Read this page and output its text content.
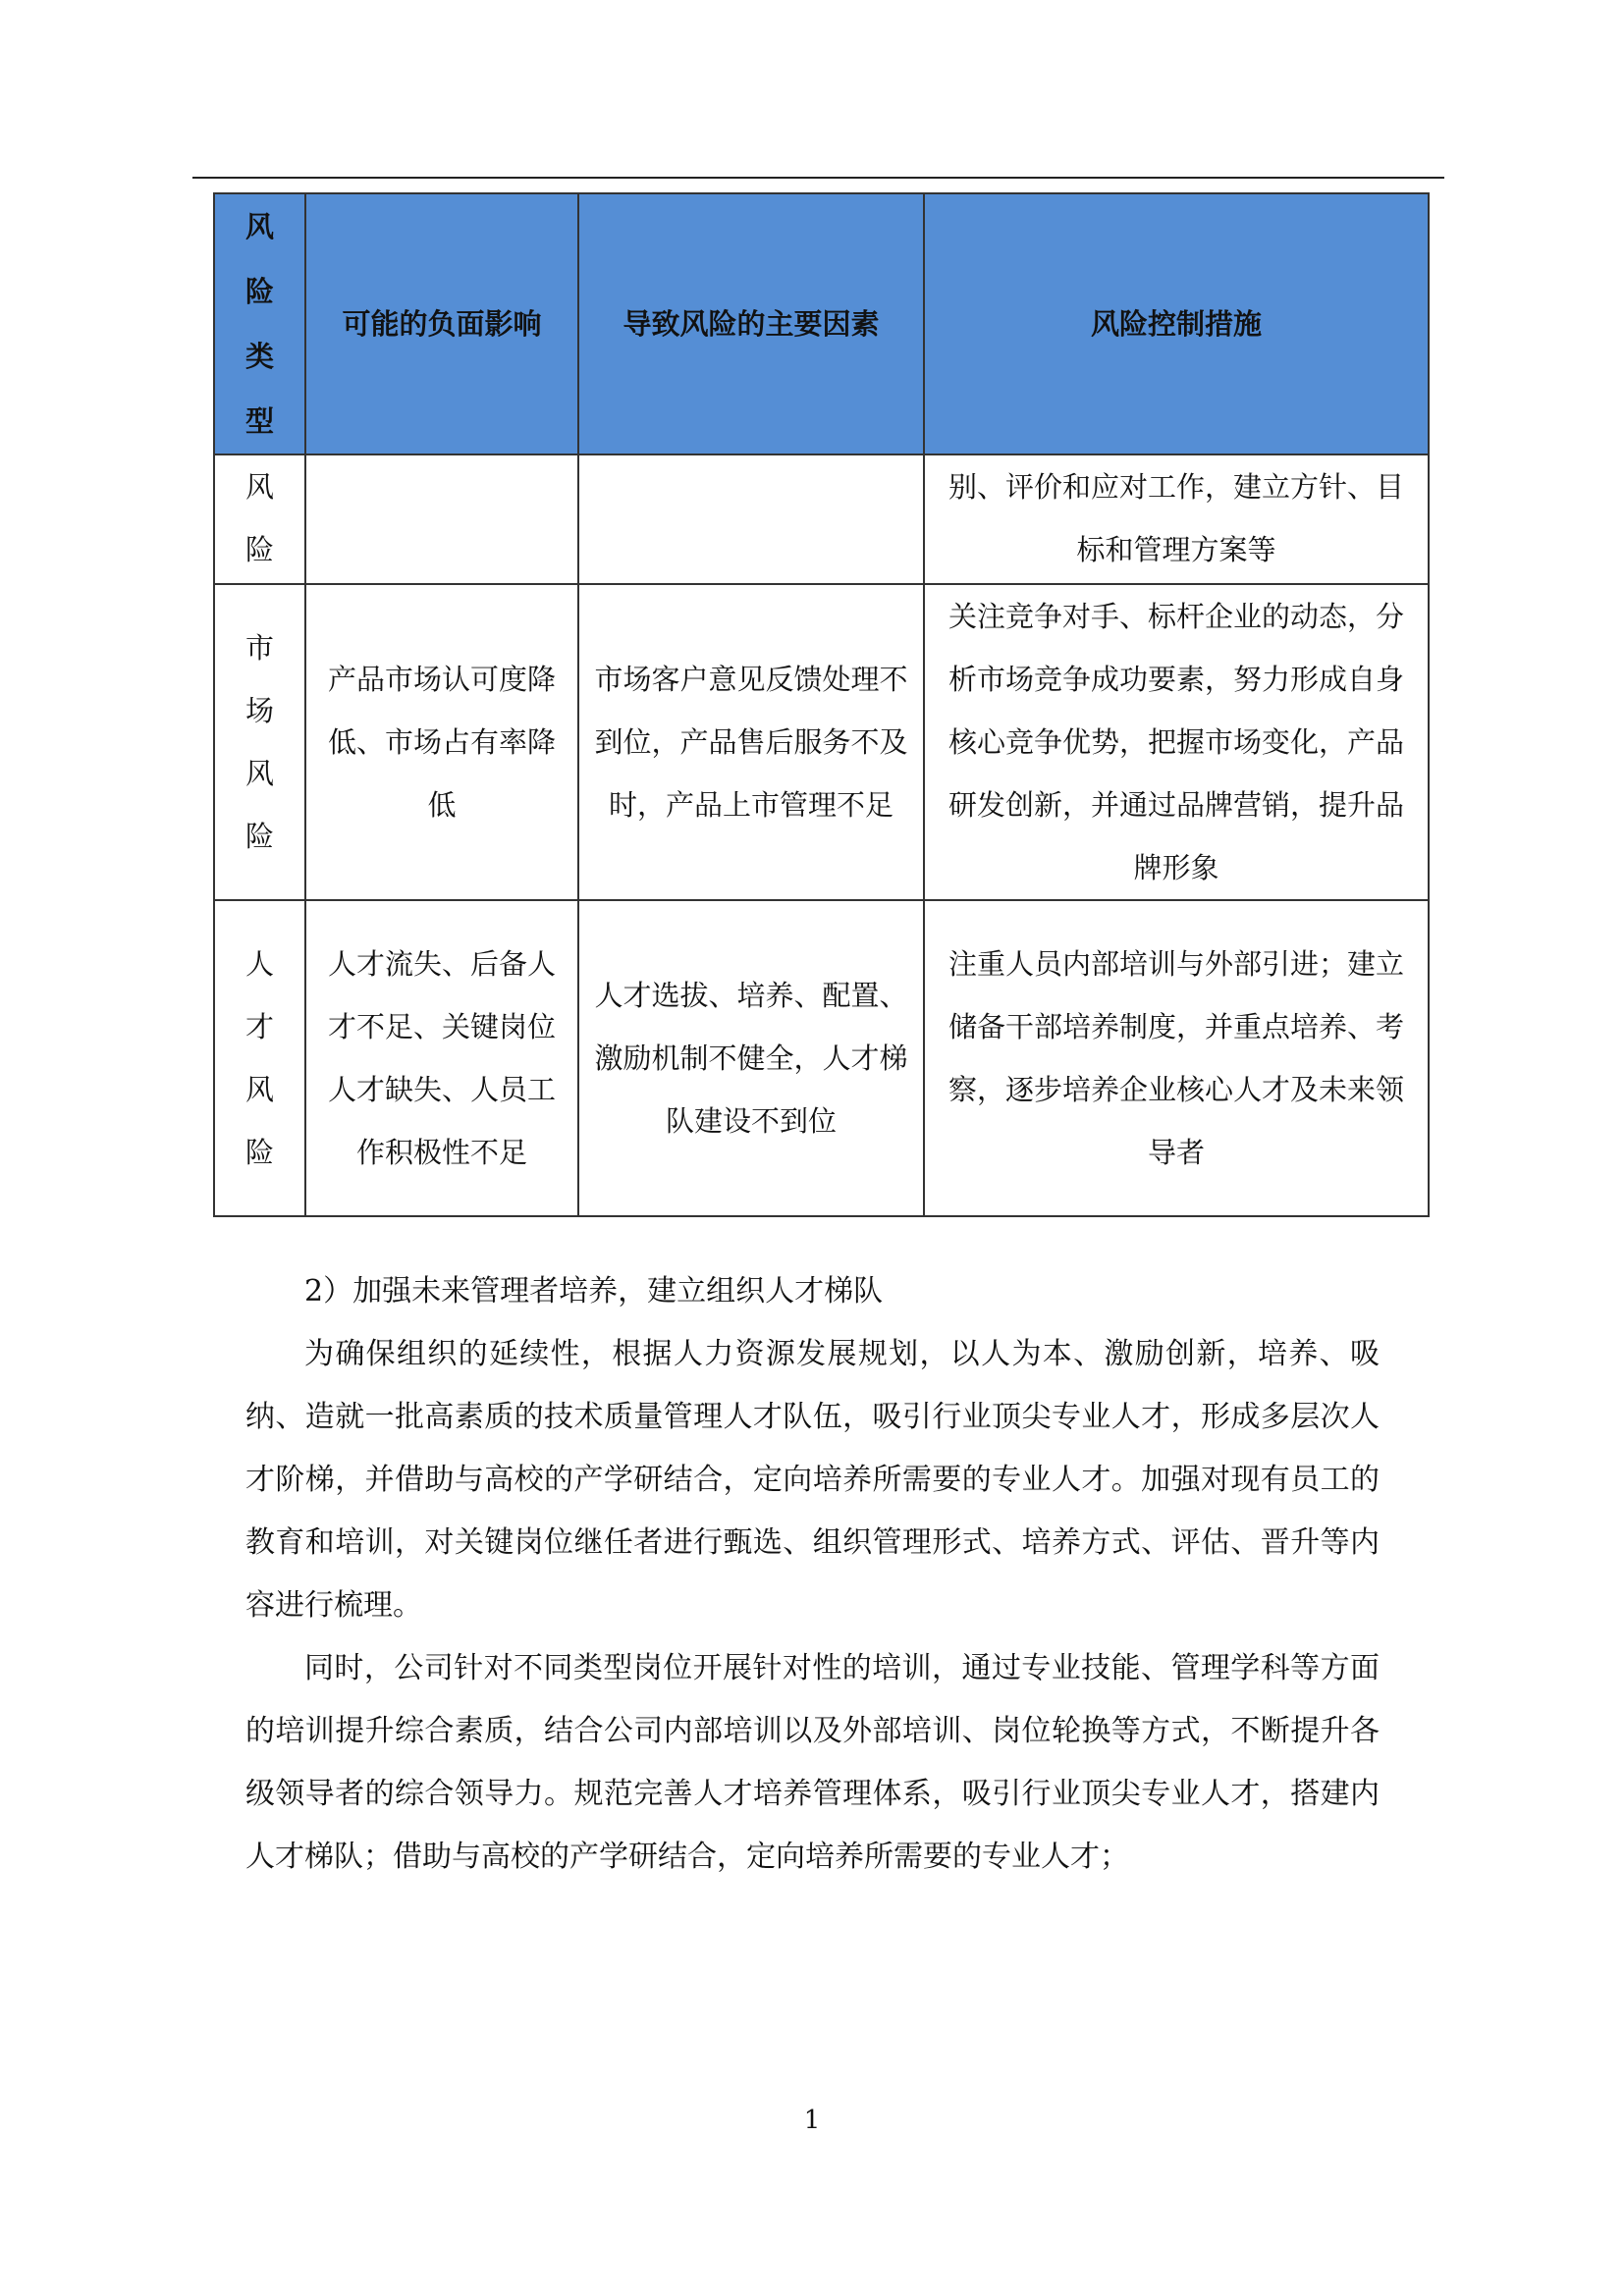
风险类型	可能的负面影响	导致风险的主要因素	风险控制措施
风险			别、评价和应对工作，建立方针、目标和管理方案等
市场风险	产品市场认可度降低、市场占有率降低	市场客户意见反馈处理不到位，产品售后服务不及时，产品上市管理不足	关注竞争对手、标杆企业的动态，分析市场竞争成功要素，努力形成自身核心竞争优势，把握市场变化，产品研发创新，并通过品牌营销，提升品牌形象
人才风险	人才流失、后备人才不足、关键岗位人才缺失、人员工作积极性不足	人才选拔、培养、配置、激励机制不健全，人才梯队建设不到位	注重人员内部培训与外部引进；建立储备干部培养制度，并重点培养、考察，逐步培养企业核心人才及未来领导者

2）加强未来管理者培养，建立组织人才梯队

为确保组织的延续性，根据人力资源发展规划，以人为本、激励创新，培养、吸纳、造就一批高素质的技术质量管理人才队伍，吸引行业顶尖专业人才，形成多层次人才阶梯，并借助与高校的产学研结合，定向培养所需要的专业人才。加强对现有员工的教育和培训，对关键岗位继任者进行甄选、组织管理形式、培养方式、评估、晋升等内容进行梳理。

同时，公司针对不同类型岗位开展针对性的培训，通过专业技能、管理学科等方面的培训提升综合素质，结合公司内部培训以及外部培训、岗位轮换等方式，不断提升各级领导者的综合领导力。规范完善人才培养管理体系，吸引行业顶尖专业人才，搭建内人才梯队；借助与高校的产学研结合，定向培养所需要的专业人才；

1
